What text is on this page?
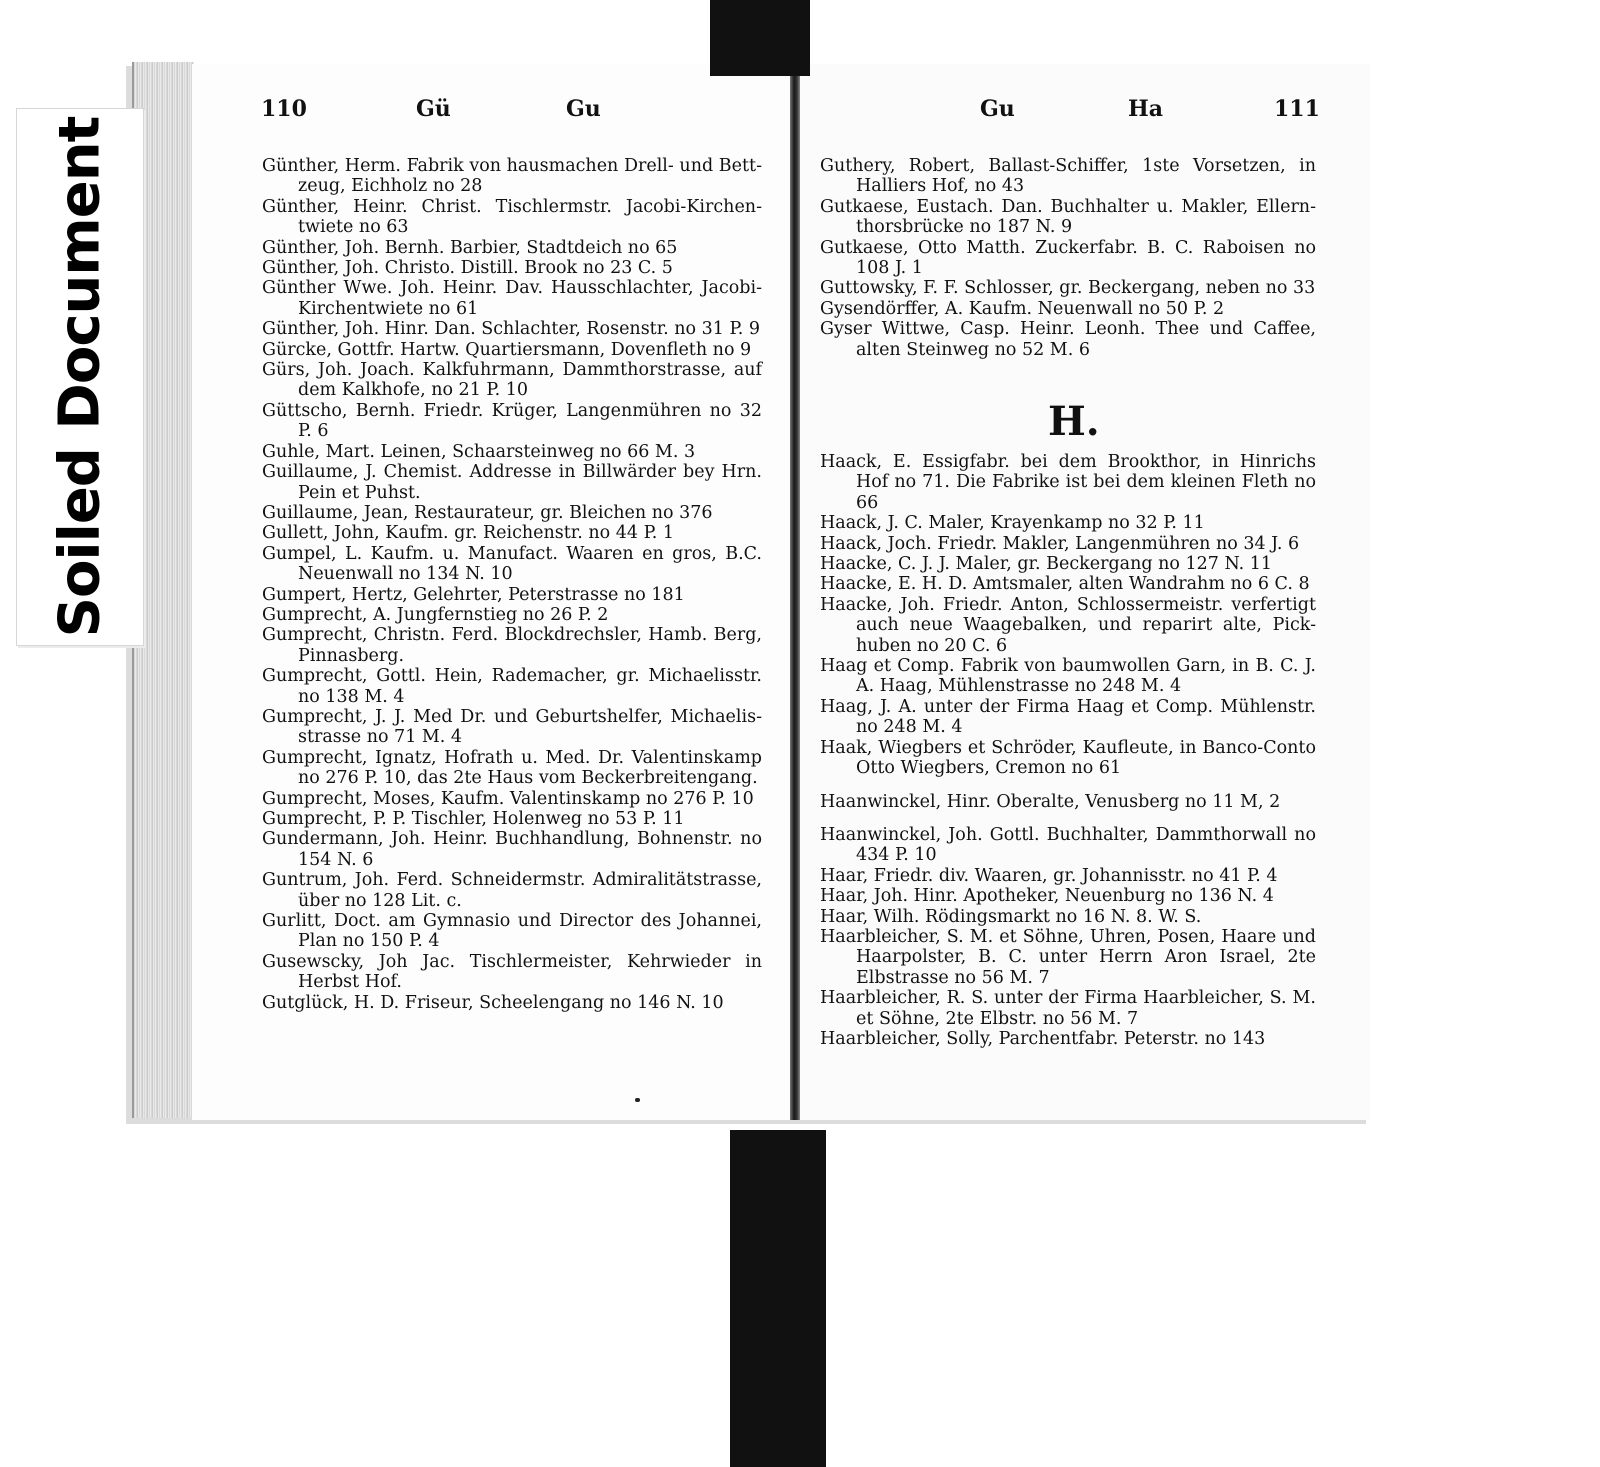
Soiled Document
110	Gü	Gu
Günther, Herm. Fabrik von hausmachen Drell- und Bett-zeug, Eichholz no 28
Günther, Heinr. Christ. Tischlermstr. Jacobi-Kirchen-twiete no 63
Günther, Joh. Bernh. Barbier, Stadtdeich no 65
Günther, Joh. Christo. Distill. Brook no 23 C. 5
Günther Wwe. Joh. Heinr. Dav. Hausschlachter, Jacobi-Kirchentwiete no 61
Günther, Joh. Hinr. Dan. Schlachter, Rosenstr. no 31 P. 9
Gürcke, Gottfr. Hartw. Quartiersmann, Dovenfleth no 9
Gürs, Joh. Joach. Kalkfuhrmann, Dammthorstrasse, auf dem Kalkhofe, no 21 P. 10
Güttscho, Bernh. Friedr. Krüger, Langenmühren no 32 P. 6
Guhle, Mart. Leinen, Schaarsteinweg no 66 M. 3
Guillaume, J. Chemist. Addresse in Billwärder bey Hrn. Pein et Puhst.
Guillaume, Jean, Restaurateur, gr. Bleichen no 376
Gullett, John, Kaufm. gr. Reichenstr. no 44 P. 1
Gumpel, L. Kaufm. u. Manufact. Waaren en gros, B.C. Neuenwall no 134 N. 10
Gumpert, Hertz, Gelehrter, Peterstrasse no 181
Gumprecht, A. Jungfernstieg no 26 P. 2
Gumprecht, Christn. Ferd. Blockdrechsler, Hamb. Berg, Pinnasberg.
Gumprecht, Gottl. Hein, Rademacher, gr. Michaelisstr. no 138 M. 4
Gumprecht, J. J. Med Dr. und Geburtshelfer, Michaelis-strasse no 71 M. 4
Gumprecht, Ignatz, Hofrath u. Med. Dr. Valentinskamp no 276 P. 10, das 2te Haus vom Beckerbreitengang.
Gumprecht, Moses, Kaufm. Valentinskamp no 276 P. 10
Gumprecht, P. P. Tischler, Holenweg no 53 P. 11
Gundermann, Joh. Heinr. Buchhandlung, Bohnenstr. no 154 N. 6
Guntrum, Joh. Ferd. Schneidermstr. Admiralitätstrasse, über no 128 Lit. c.
Gurlitt, Doct. am Gymnasio und Director des Johannei, Plan no 150 P. 4
Gusewscky, Joh Jac. Tischlermeister, Kehrwieder in Herbst Hof.
Gutglück, H. D. Friseur, Scheelengang no 146 N. 10
Gu	Ha	111
Guthery, Robert, Ballast-Schiffer, 1ste Vorsetzen, in Halliers Hof, no 43
Gutkaese, Eustach. Dan. Buchhalter u. Makler, Ellern-thorsbrücke no 187 N. 9
Gutkaese, Otto Matth. Zuckerfabr. B. C. Raboisen no 108 J. 1
Guttowsky, F. F. Schlosser, gr. Beckergang, neben no 33
Gysendörffer, A. Kaufm. Neuenwall no 50 P. 2
Gyser Wittwe, Casp. Heinr. Leonh. Thee und Caffee, alten Steinweg no 52 M. 6
H.
Haack, E. Essigfabr. bei dem Brookthor, in Hinrichs Hof no 71. Die Fabrike ist bei dem kleinen Fleth no 66
Haack, J. C. Maler, Krayenkamp no 32 P. 11
Haack, Joch. Friedr. Makler, Langenmühren no 34 J. 6
Haacke, C. J. J. Maler, gr. Beckergang no 127 N. 11
Haacke, E. H. D. Amtsmaler, alten Wandrahm no 6 C. 8
Haacke, Joh. Friedr. Anton, Schlossermeistr. verfertigt auch neue Waagebalken, und reparirt alte, Pick-huben no 20 C. 6
Haag et Comp. Fabrik von baumwollen Garn, in B. C. J. A. Haag, Mühlenstrasse no 248 M. 4
Haag, J. A. unter der Firma Haag et Comp. Mühlenstr. no 248 M. 4
Haak, Wiegbers et Schröder, Kaufleute, in Banco-Conto Otto Wiegbers, Cremon no 61
Haanwinckel, Hinr. Oberalte, Venusberg no 11 M, 2
Haanwinckel, Joh. Gottl. Buchhalter, Dammthorwall no 434 P. 10
Haar, Friedr. div. Waaren, gr. Johannisstr. no 41 P. 4
Haar, Joh. Hinr. Apotheker, Neuenburg no 136 N. 4
Haar, Wilh. Rödingsmarkt no 16 N. 8. W. S.
Haarbleicher, S. M. et Söhne, Uhren, Posen, Haare und Haarpolster, B. C. unter Herrn Aron Israel, 2te Elbstrasse no 56 M. 7
Haarbleicher, R. S. unter der Firma Haarbleicher, S. M. et Söhne, 2te Elbstr. no 56 M. 7
Haarbleicher, Solly, Parchentfabr. Peterstr. no 143
